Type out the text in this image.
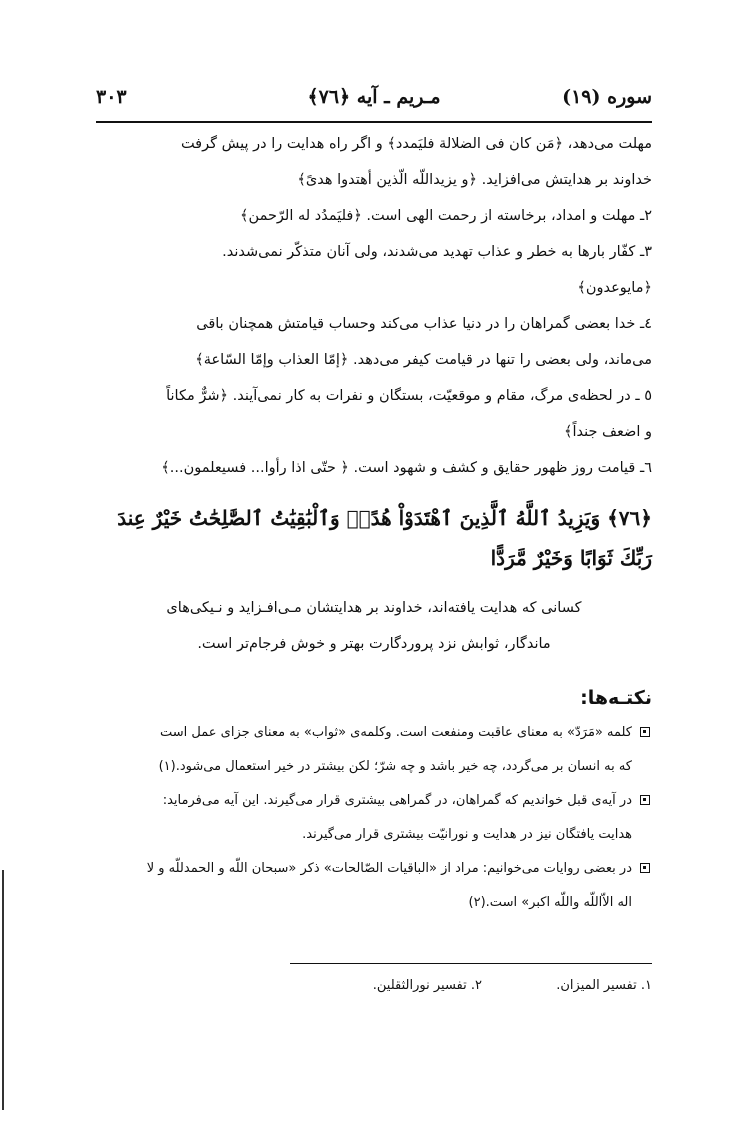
سوره (١٩)
مـریم ـ آیه ﴿٧٦﴾
٣٠٣

مهلت می‌دهد، ﴿مَن كان فى الضلالة فليَمدد﴾ و اگر راه هدایت را در پیش گرفت

خداوند بر هدایتش می‌افزاید. ﴿و يزيداللّه الّذين أهتدوا هدىً﴾

۲ـ مهلت و امداد، برخاسته از رحمت الهی است. ﴿فليَمدُد له الرّحمن﴾

۳ـ کفّار بارها به خطر و عذاب تهدید می‌شدند، ولی آنان متذکّر نمی‌شدند.

﴿مايوعدون﴾

٤ـ خدا بعضی گمراهان را در دنیا عذاب می‌کند وحساب قیامتش همچنان باقی

می‌ماند، ولی بعضی را تنها در قیامت کیفر می‌دهد. ﴿إمّا العذاب وإمّا السّاعة﴾

٥ ـ در لحظه‌ی مرگ، مقام و موقعیّت، بستگان و نفرات به کار نمی‌آیند. ﴿شرٌّ مكاناً

و اضعف جنداً﴾

٦ـ قیامت روز ظهور حقایق و کشف و شهود است. ﴿ حتّى اذا رأوا... فسيعلمون...﴾

﴿٧٦﴾ وَيَزِيدُ ٱللَّهُ ٱلَّذِينَ ٱهْتَدَوْاْ هُدًىۗ وَٱلْبَٰقِيَٰتُ ٱلصَّٰلِحَٰتُ خَيْرٌ عِندَ
رَبِّكَ ثَوَابًا وَخَيْرٌ مَّرَدًّا
کسانی که هدایت یافته‌اند، خداوند بر هدایتشان مـی‌افـزاید و نـیکی‌های
ماندگار، ثوابش نزد پروردگارت بهتر و خوش فرجام‌تر است.
نکتـه‌ها:
کلمه «مَرَدّ» به معنای عاقبت ومنفعت است. وکلمه‌ی «ثواب» به معنای جزای عمل است
که به انسان بر می‌گردد، چه خیر باشد و چه شرّ؛ لکن بیشتر در خیر استعمال می‌شود.(۱)
در آیه‌ی قبل خواندیم که گمراهان، در گمراهی بیشتری قرار می‌گیرند. این آیه می‌فرماید:
هدایت یافتگان نیز در هدایت و نورانیّت بیشتری قرار می‌گیرند.
در بعضی روایات می‌خوانیم: مراد از «الباقيات الصّالحات» ذکر «سبحان اللّه و الحمدللّه و لا
اله الاّاللّه واللّه اكبر» است.(۲)
١. تفسیر المیزان.
٢. تفسیر نورالثقلین.
